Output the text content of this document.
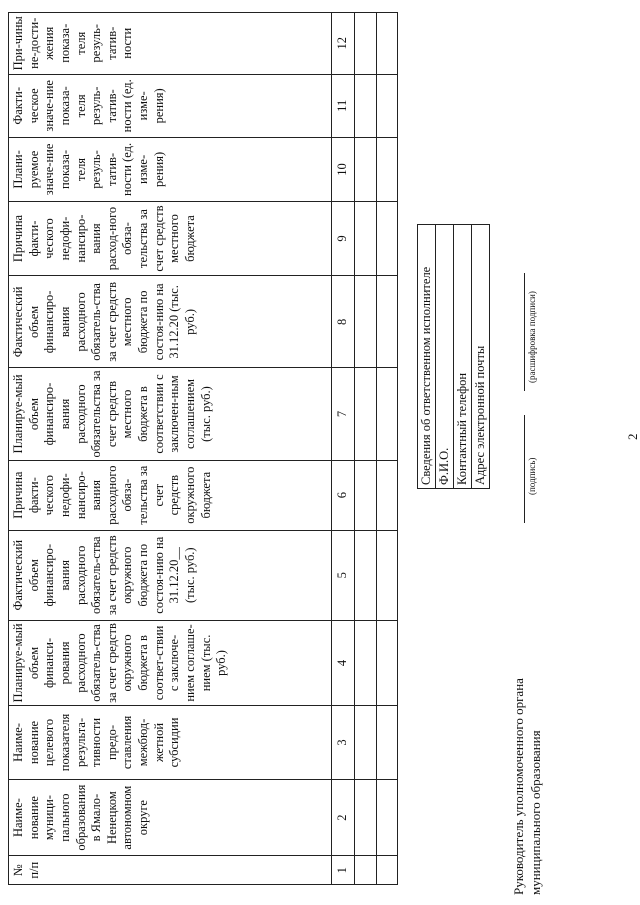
2
№ п/п	Наиме-нование муници-пального образования в Ямало-Ненецком автономном округе	Наиме-нование целевого показателя результа-тивности предо-ставления межбюд-жетной субсидии	Планируе-мый объем финанси-рования расходного обязатель-ства за счет средств окружного бюджета в соответ-ствии с заключе-нием соглаше-нием (тыс. руб.)	Фактический объем финансиро-вания расходного обязатель-ства за счет средств окружного бюджета по состоя-нию на 31.12.20__ (тыс. руб.)	Причина факти-ческого недофи-нансиро-вания расходного обяза-тельства за счет средств окружного бюджета	Планируе-мый объем финансиро-вания расходного обязательства за счет средств местного бюджета в соответствии с заключен-ным соглашением (тыс. руб.)	Фактический объем финансиро-вания расходного обязатель-ства за счет средств местного бюджета по состоя-нию на 31.12.20 (тыс. руб.)	Причина факти-ческого недофи-нансиро-вания расход-ного обяза-тельства за счет средств местного бюджета	Плани-руемое значе-ние показа-теля резуль-татив-ности (ед. изме-рения)	Факти-ческое значе-ние показа-теля резуль-татив-ности (ед. изме-рения)	При-чины не-дости-жения показа-теля резуль-татив-ности
1	2	3	4	5	6	7	8	9	10	11	12

Сведения об ответственном исполнителе
Ф.И.О.
Контактный телефон
Адрес электронной почты
Руководитель уполномоченного органа муниципального образования
(подпись)
(расшифровка подписи)
